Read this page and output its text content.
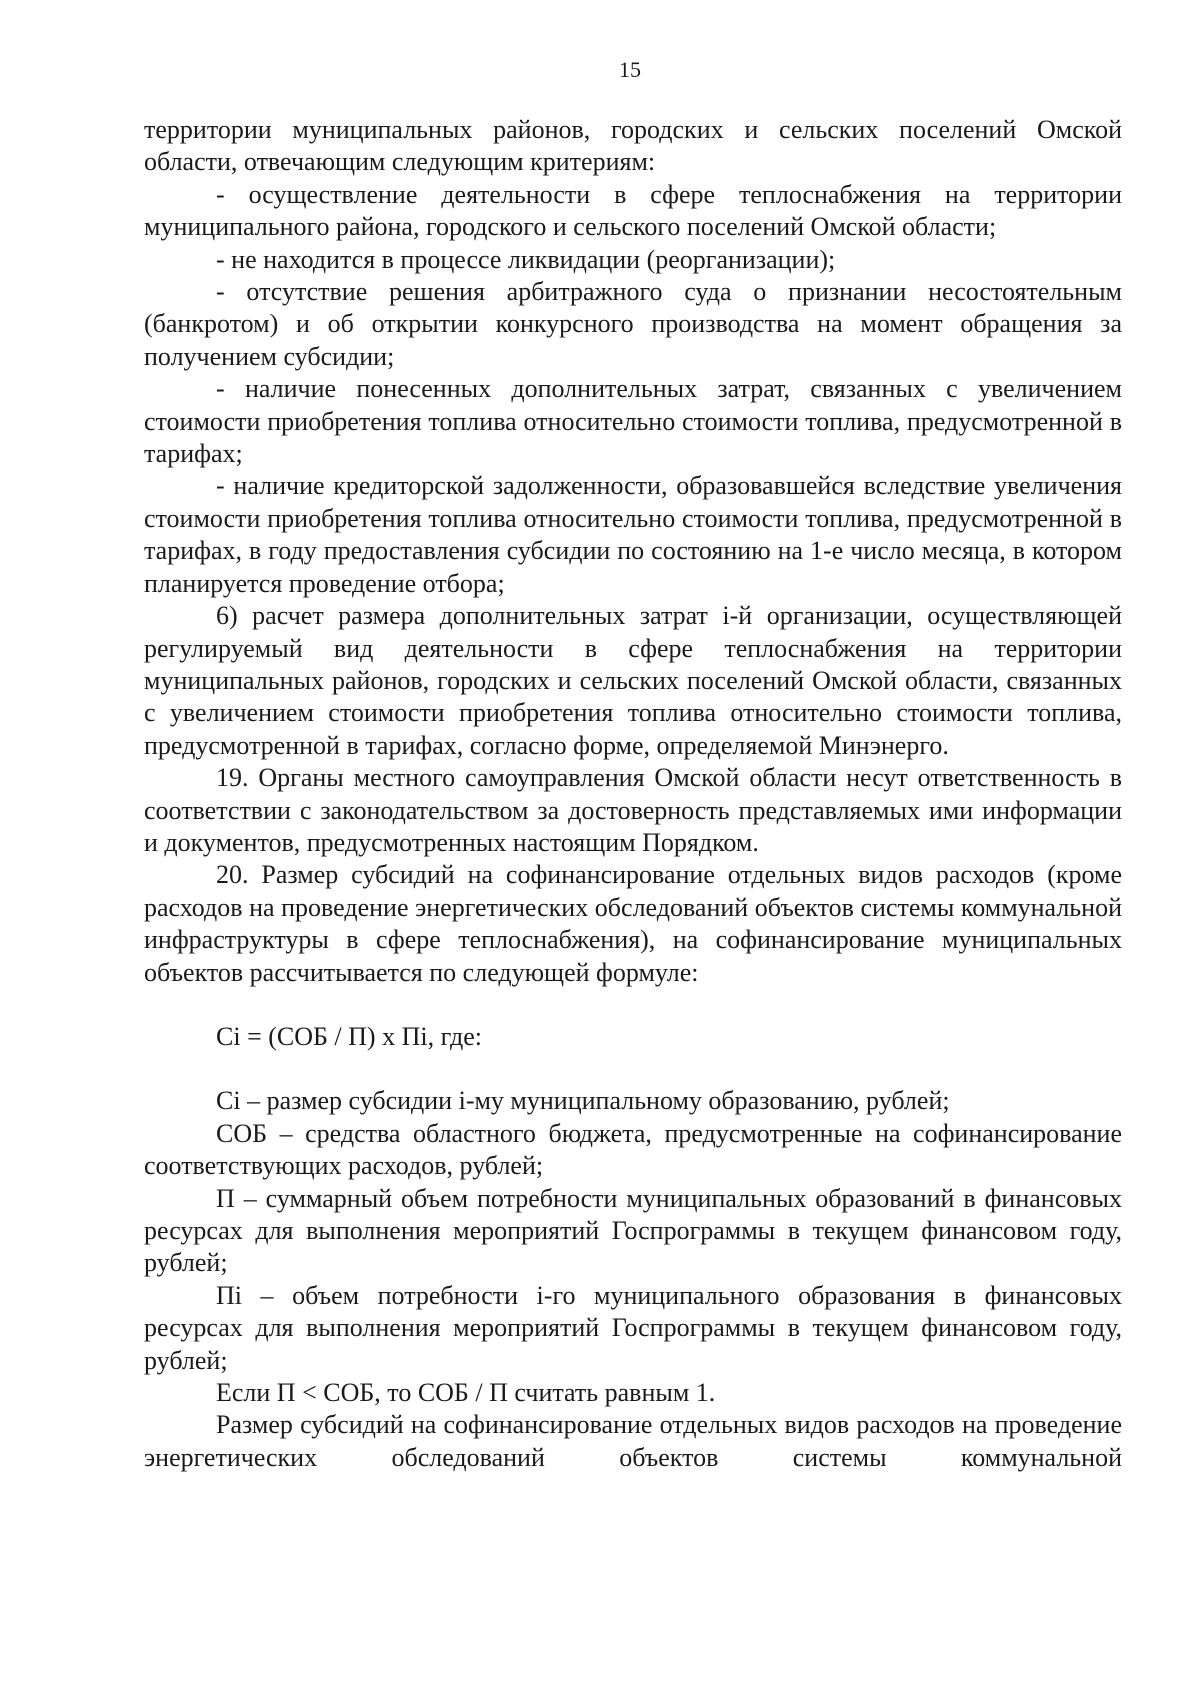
15

территории муниципальных районов, городских и сельских поселений Омской области, отвечающим следующим критериям:

- осуществление деятельности в сфере теплоснабжения на территории муниципального района, городского и сельского поселений Омской области;

- не находится в процессе ликвидации (реорганизации);

- отсутствие решения арбитражного суда о признании несостоятельным (банкротом) и об открытии конкурсного производства на момент обращения за получением субсидии;

- наличие понесенных дополнительных затрат, связанных с увеличением стоимости приобретения топлива относительно стоимости топлива, предусмотренной в тарифах;

- наличие кредиторской задолженности, образовавшейся вследствие увеличения стоимости приобретения топлива относительно стоимости топлива, предусмотренной в тарифах, в году предоставления субсидии по состоянию на 1-е число месяца, в котором планируется проведение отбора;

6) расчет размера дополнительных затрат i-й организации, осуществляющей регулируемый вид деятельности в сфере теплоснабжения на территории муниципальных районов, городских и сельских поселений Омской области, связанных с увеличением стоимости приобретения топлива относительно стоимости топлива, предусмотренной в тарифах, согласно форме, определяемой Минэнерго.

19. Органы местного самоуправления Омской области несут ответственность в соответствии с законодательством за достоверность представляемых ими информации и документов, предусмотренных настоящим Порядком.

20. Размер субсидий на софинансирование отдельных видов расходов (кроме расходов на проведение энергетических обследований объектов системы коммунальной инфраструктуры в сфере теплоснабжения), на софинансирование муниципальных объектов рассчитывается по следующей формуле:

Ci = (СОБ / П) x Пi, где:

Ci – размер субсидии i-му муниципальному образованию, рублей;

СОБ – средства областного бюджета, предусмотренные на софинансирование соответствующих расходов, рублей;

П – суммарный объем потребности муниципальных образований в финансовых ресурсах для выполнения мероприятий Госпрограммы в текущем финансовом году, рублей;

Пi – объем потребности i-го муниципального образования в финансовых ресурсах для выполнения мероприятий Госпрограммы в текущем финансовом году, рублей;

Если П < СОБ, то СОБ / П считать равным 1.

Размер субсидий на софинансирование отдельных видов расходов на проведение энергетических обследований объектов системы коммунальной
